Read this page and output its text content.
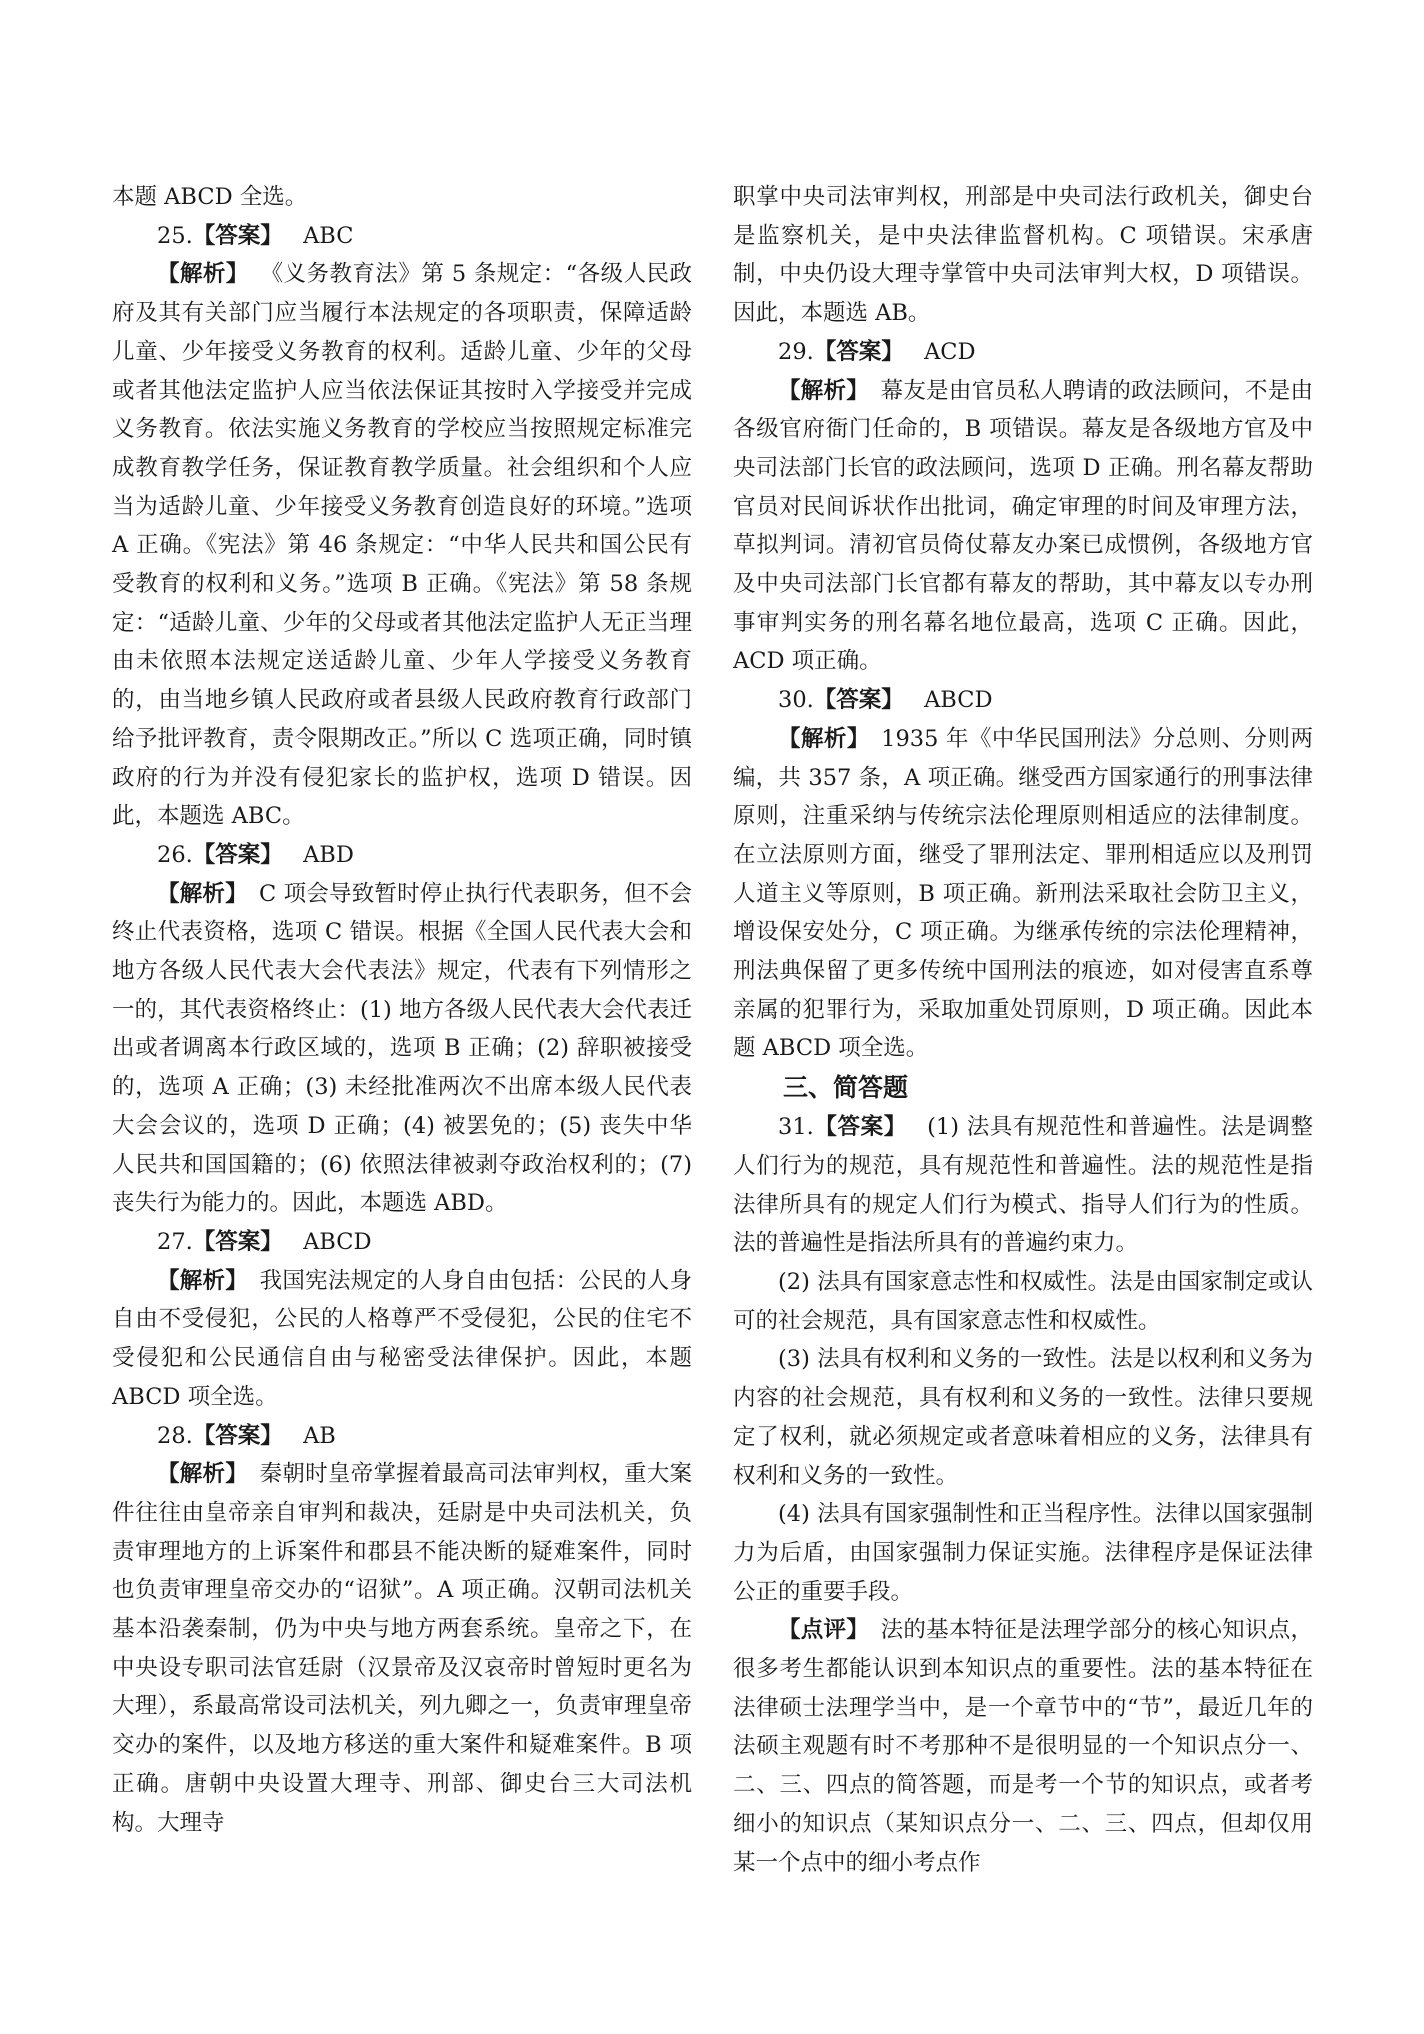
本题 ABCD 全选。

25.【答案】 ABC

【解析】  《义务教育法》第 5 条规定：“各级人民政府及其有关部门应当履行本法规定的各项职责，保障适龄儿童、少年接受义务教育的权利。适龄儿童、少年的父母或者其他法定监护人应当依法保证其按时入学接受并完成义务教育。依法实施义务教育的学校应当按照规定标准完成教育教学任务，保证教育教学质量。社会组织和个人应当为适龄儿童、少年接受义务教育创造良好的环境。”选项 A 正确。《宪法》第 46 条规定：“中华人民共和国公民有受教育的权利和义务。”选项 B 正确。《宪法》第 58 条规定：“适龄儿童、少年的父母或者其他法定监护人无正当理由未依照本法规定送适龄儿童、少年人学接受义务教育的，由当地乡镇人民政府或者县级人民政府教育行政部门给予批评教育，责令限期改正。”所以 C 选项正确，同时镇政府的行为并没有侵犯家长的监护权，选项 D 错误。因此，本题选 ABC。

26.【答案】 ABD

【解析】  C 项会导致暂时停止执行代表职务，但不会终止代表资格，选项 C 错误。根据《全国人民代表大会和地方各级人民代表大会代表法》规定，代表有下列情形之一的，其代表资格终止：(1) 地方各级人民代表大会代表迁出或者调离本行政区域的，选项 B 正确；(2) 辞职被接受的，选项 A 正确；(3) 未经批准两次不出席本级人民代表大会会议的，选项 D 正确；(4) 被罢免的；(5) 丧失中华人民共和国国籍的；(6) 依照法律被剥夺政治权利的；(7) 丧失行为能力的。因此，本题选 ABD。

27.【答案】 ABCD

【解析】  我国宪法规定的人身自由包括：公民的人身自由不受侵犯，公民的人格尊严不受侵犯，公民的住宅不受侵犯和公民通信自由与秘密受法律保护。因此，本题 ABCD 项全选。

28.【答案】 AB

【解析】  秦朝时皇帝掌握着最高司法审判权，重大案件往往由皇帝亲自审判和裁决，廷尉是中央司法机关，负责审理地方的上诉案件和郡县不能决断的疑难案件，同时也负责审理皇帝交办的“诏狱”。A 项正确。汉朝司法机关基本沿袭秦制，仍为中央与地方两套系统。皇帝之下，在中央设专职司法官廷尉（汉景帝及汉哀帝时曾短时更名为大理），系最高常设司法机关，列九卿之一，负责审理皇帝交办的案件，以及地方移送的重大案件和疑难案件。B 项正确。唐朝中央设置大理寺、刑部、御史台三大司法机构。大理寺

职掌中央司法审判权，刑部是中央司法行政机关，御史台是监察机关，是中央法律监督机构。C 项错误。宋承唐制，中央仍设大理寺掌管中央司法审判大权，D 项错误。因此，本题选 AB。

29.【答案】 ACD

【解析】  幕友是由官员私人聘请的政法顾问，不是由各级官府衙门任命的，B 项错误。幕友是各级地方官及中央司法部门长官的政法顾问，选项 D 正确。刑名幕友帮助官员对民间诉状作出批词，确定审理的时间及审理方法，草拟判词。清初官员倚仗幕友办案已成惯例，各级地方官及中央司法部门长官都有幕友的帮助，其中幕友以专办刑事审判实务的刑名幕名地位最高，选项 C 正确。因此，ACD 项正确。

30.【答案】 ABCD

【解析】  1935 年《中华民国刑法》分总则、分则两编，共 357 条，A 项正确。继受西方国家通行的刑事法律原则，注重采纳与传统宗法伦理原则相适应的法律制度。在立法原则方面，继受了罪刑法定、罪刑相适应以及刑罚人道主义等原则，B 项正确。新刑法采取社会防卫主义，增设保安处分，C 项正确。为继承传统的宗法伦理精神，刑法典保留了更多传统中国刑法的痕迹，如对侵害直系尊亲属的犯罪行为，采取加重处罚原则，D 项正确。因此本题 ABCD 项全选。

三、简答题

31.【答案】 (1) 法具有规范性和普遍性。法是调整人们行为的规范，具有规范性和普遍性。法的规范性是指法律所具有的规定人们行为模式、指导人们行为的性质。法的普遍性是指法所具有的普遍约束力。

(2) 法具有国家意志性和权威性。法是由国家制定或认可的社会规范，具有国家意志性和权威性。

(3) 法具有权利和义务的一致性。法是以权利和义务为内容的社会规范，具有权利和义务的一致性。法律只要规定了权利，就必须规定或者意味着相应的义务，法律具有权利和义务的一致性。

(4) 法具有国家强制性和正当程序性。法律以国家强制力为后盾，由国家强制力保证实施。法律程序是保证法律公正的重要手段。

【点评】  法的基本特征是法理学部分的核心知识点，很多考生都能认识到本知识点的重要性。法的基本特征在法律硕士法理学当中，是一个章节中的“节”，最近几年的法硕主观题有时不考那种不是很明显的一个知识点分一、二、三、四点的简答题，而是考一个节的知识点，或者考细小的知识点（某知识点分一、二、三、四点，但却仅用某一个点中的细小考点作
